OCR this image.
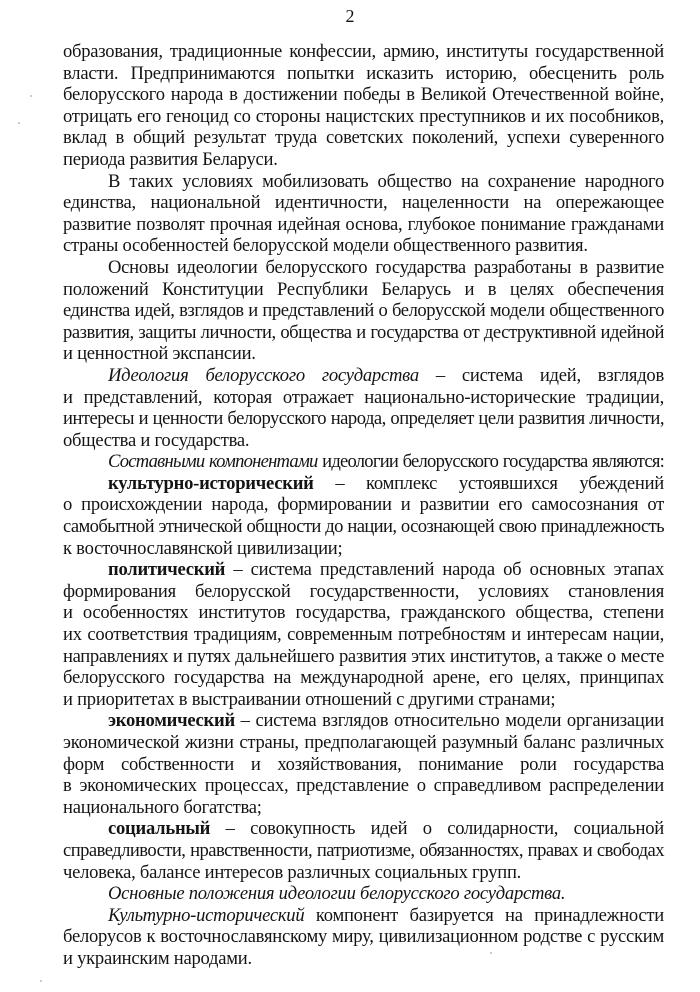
2
образования, традиционные конфессии, армию, институты государственной
власти. Предпринимаются попытки исказить историю, обесценить роль
белорусского народа в достижении победы в Великой Отечественной войне,
отрицать его геноцид со стороны нацистских преступников и их пособников,
вклад в общий результат труда советских поколений, успехи суверенного
периода развития Беларуси.
В таких условиях мобилизовать общество на сохранение народного
единства, национальной идентичности, нацеленности на опережающее
развитие позволят прочная идейная основа, глубокое понимание гражданами
страны особенностей белорусской модели общественного развития.
Основы идеологии белорусского государства разработаны в развитие
положений Конституции Республики Беларусь и в целях обеспечения
единства идей, взглядов и представлений о белорусской модели общественного
развития, защиты личности, общества и государства от деструктивной идейной
и ценностной экспансии.
Идеология белорусского государства – система идей, взглядов
и представлений, которая отражает национально-исторические традиции,
интересы и ценности белорусского народа, определяет цели развития личности,
общества и государства.
Составными компонентами идеологии белорусского государства являются:
культурно-исторический – комплекс устоявшихся убеждений
о происхождении народа, формировании и развитии его самосознания от
самобытной этнической общности до нации, осознающей свою принадлежность
к восточнославянской цивилизации;
политический – система представлений народа об основных этапах
формирования белорусской государственности, условиях становления
и особенностях институтов государства, гражданского общества, степени
их соответствия традициям, современным потребностям и интересам нации,
направлениях и путях дальнейшего развития этих институтов, а также о месте
белорусского государства на международной арене, его целях, принципах
и приоритетах в выстраивании отношений с другими странами;
экономический – система взглядов относительно модели организации
экономической жизни страны, предполагающей разумный баланс различных
форм собственности и хозяйствования, понимание роли государства
в экономических процессах, представление о справедливом распределении
национального богатства;
социальный – совокупность идей о солидарности, социальной
справедливости, нравственности, патриотизме, обязанностях, правах и свободах
человека, балансе интересов различных социальных групп.
Основные положения идеологии белорусского государства.
Культурно-исторический компонент базируется на принадлежности
белорусов к восточнославянскому миру, цивилизационном родстве с русским
и украинским народами.
